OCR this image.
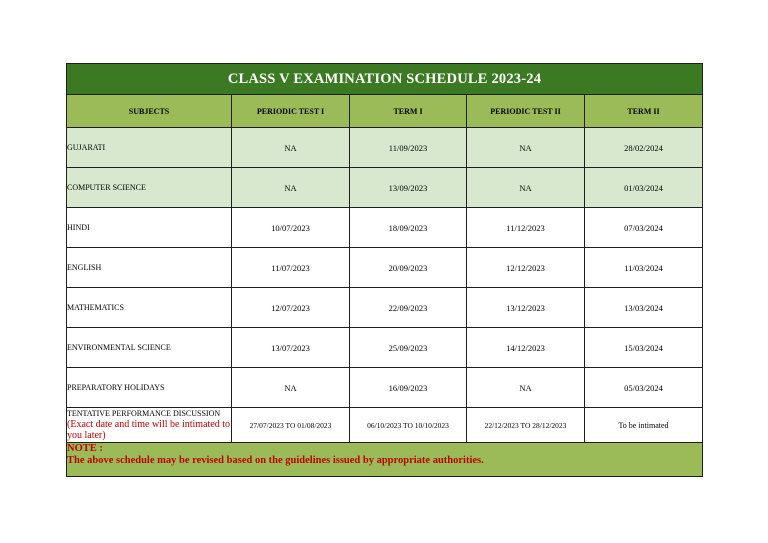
CLASS V EXAMINATION SCHEDULE 2023-24				
SUBJECTS	PERIODIC TEST I	TERM I	PERIODIC TEST II	TERM II
GUJARATI	NA	11/09/2023	NA	28/02/2024
COMPUTER SCIENCE	NA	13/09/2023	NA	01/03/2024
HINDI	10/07/2023	18/09/2023	11/12/2023	07/03/2024
ENGLISH	11/07/2023	20/09/2023	12/12/2023	11/03/2024
MATHEMATICS	12/07/2023	22/09/2023	13/12/2023	13/03/2024
ENVIRONMENTAL SCIENCE	13/07/2023	25/09/2023	14/12/2023	15/03/2024
PREPARATORY HOLIDAYS	NA	16/09/2023	NA	05/03/2024

TENTATIVE PERFORMANCE DISCUSSION
(Exact date and time will be intimated to you later)	27/07/2023 TO 01/08/2023	06/10/2023 TO 10/10/2023	22/12/2023 TO 28/12/2023	To be intimated

NOTE :
The above schedule may be revised based on the guidelines issued by appropriate authorities.				
